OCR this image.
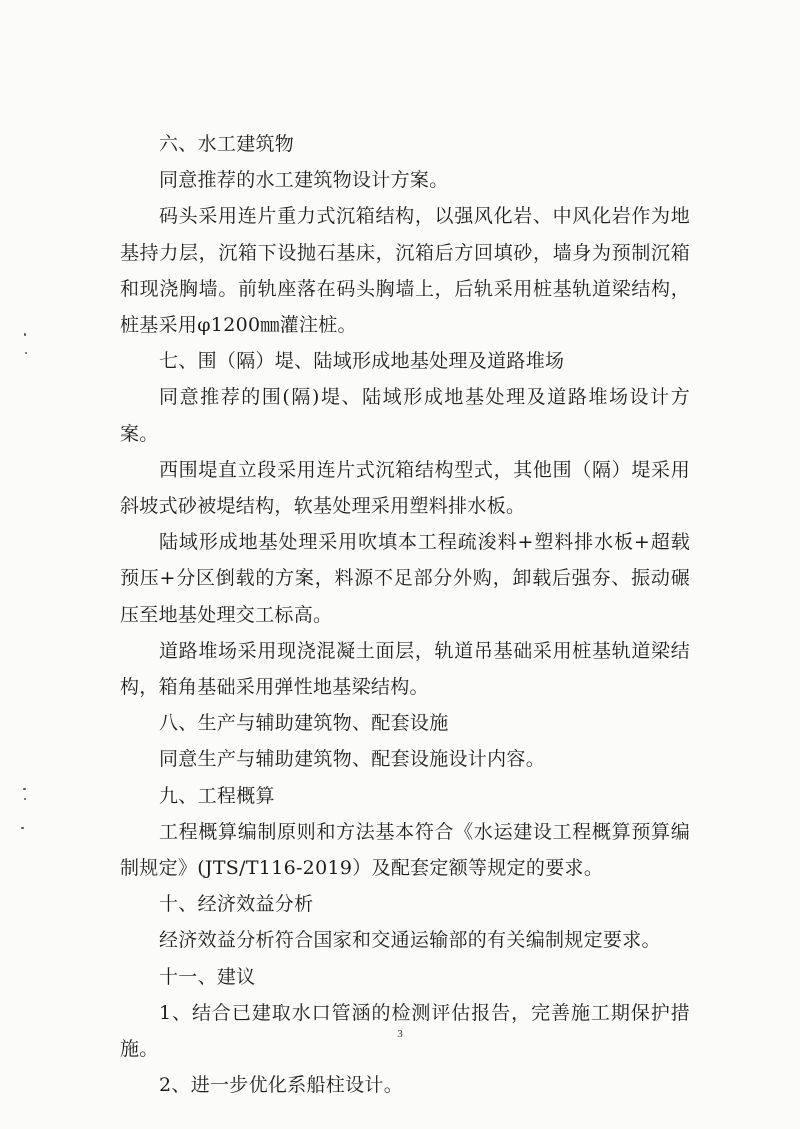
六、水工建筑物

同意推荐的水工建筑物设计方案。

码头采用连片重力式沉箱结构，以强风化岩、中风化岩作为地基持力层，沉箱下设抛石基床，沉箱后方回填砂，墙身为预制沉箱和现浇胸墙。前轨座落在码头胸墙上，后轨采用桩基轨道梁结构，桩基采用φ1200㎜灌注桩。

七、围（隔）堤、陆域形成地基处理及道路堆场

同意推荐的围(隔)堤、陆域形成地基处理及道路堆场设计方案。

西围堤直立段采用连片式沉箱结构型式，其他围（隔）堤采用斜坡式砂被堤结构，软基处理采用塑料排水板。

陆域形成地基处理采用吹填本工程疏浚料+塑料排水板+超载预压+分区倒载的方案，料源不足部分外购，卸载后强夯、振动碾压至地基处理交工标高。

道路堆场采用现浇混凝土面层，轨道吊基础采用桩基轨道梁结构，箱角基础采用弹性地基梁结构。

八、生产与辅助建筑物、配套设施

同意生产与辅助建筑物、配套设施设计内容。

九、工程概算

工程概算编制原则和方法基本符合《水运建设工程概算预算编制规定》(JTS/T116-2019）及配套定额等规定的要求。

十、经济效益分析

经济效益分析符合国家和交通运输部的有关编制规定要求。

十一、建议

1、结合已建取水口管涵的检测评估报告，完善施工期保护措施。

2、进一步优化系船柱设计。

3
